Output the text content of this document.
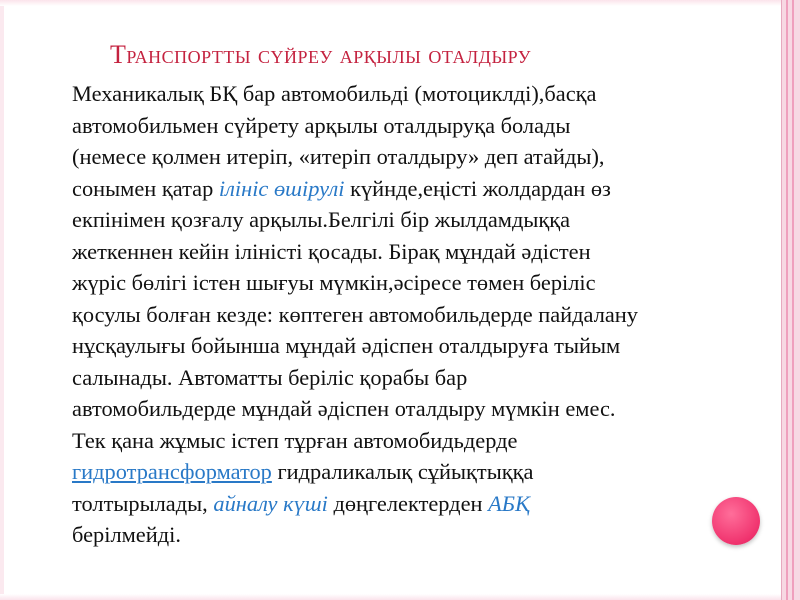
Транспортты сүйреу арқылы оталдыру
Механикалық БҚ бар автомобильді (мотоциклді),басқа
автомобильмен сүйрету арқылы оталдыруқа болады
(немесе қолмен итеріп, «итеріп оталдыру» деп атайды),
сонымен қатар ілініс өшірулі күйнде,еңісті жолдардан өз
екпінімен қозғалу арқылы.Белгілі бір жылдамдыққа
жеткеннен кейін іліністі қосады. Бірақ мұндай әдістен
жүріс бөлігі істен шығуы мүмкін,әсіресе төмен беріліс
қосулы болған кезде: көптеген автомобильдерде пайдалану
нұсқаулығы бойынша мұндай әдіспен оталдыруға тыйым
салынады. Автоматты беріліс қорабы бар
автомобильдерде мұндай әдіспен оталдыру мүмкін емес.
Тек қана жұмыс істеп тұрған автомобидьдерде
гидротрансформатор гидраликалық сұйықтыққа
толтырылады, айналу күші дөңгелектерден АБҚ
берілмейді.
